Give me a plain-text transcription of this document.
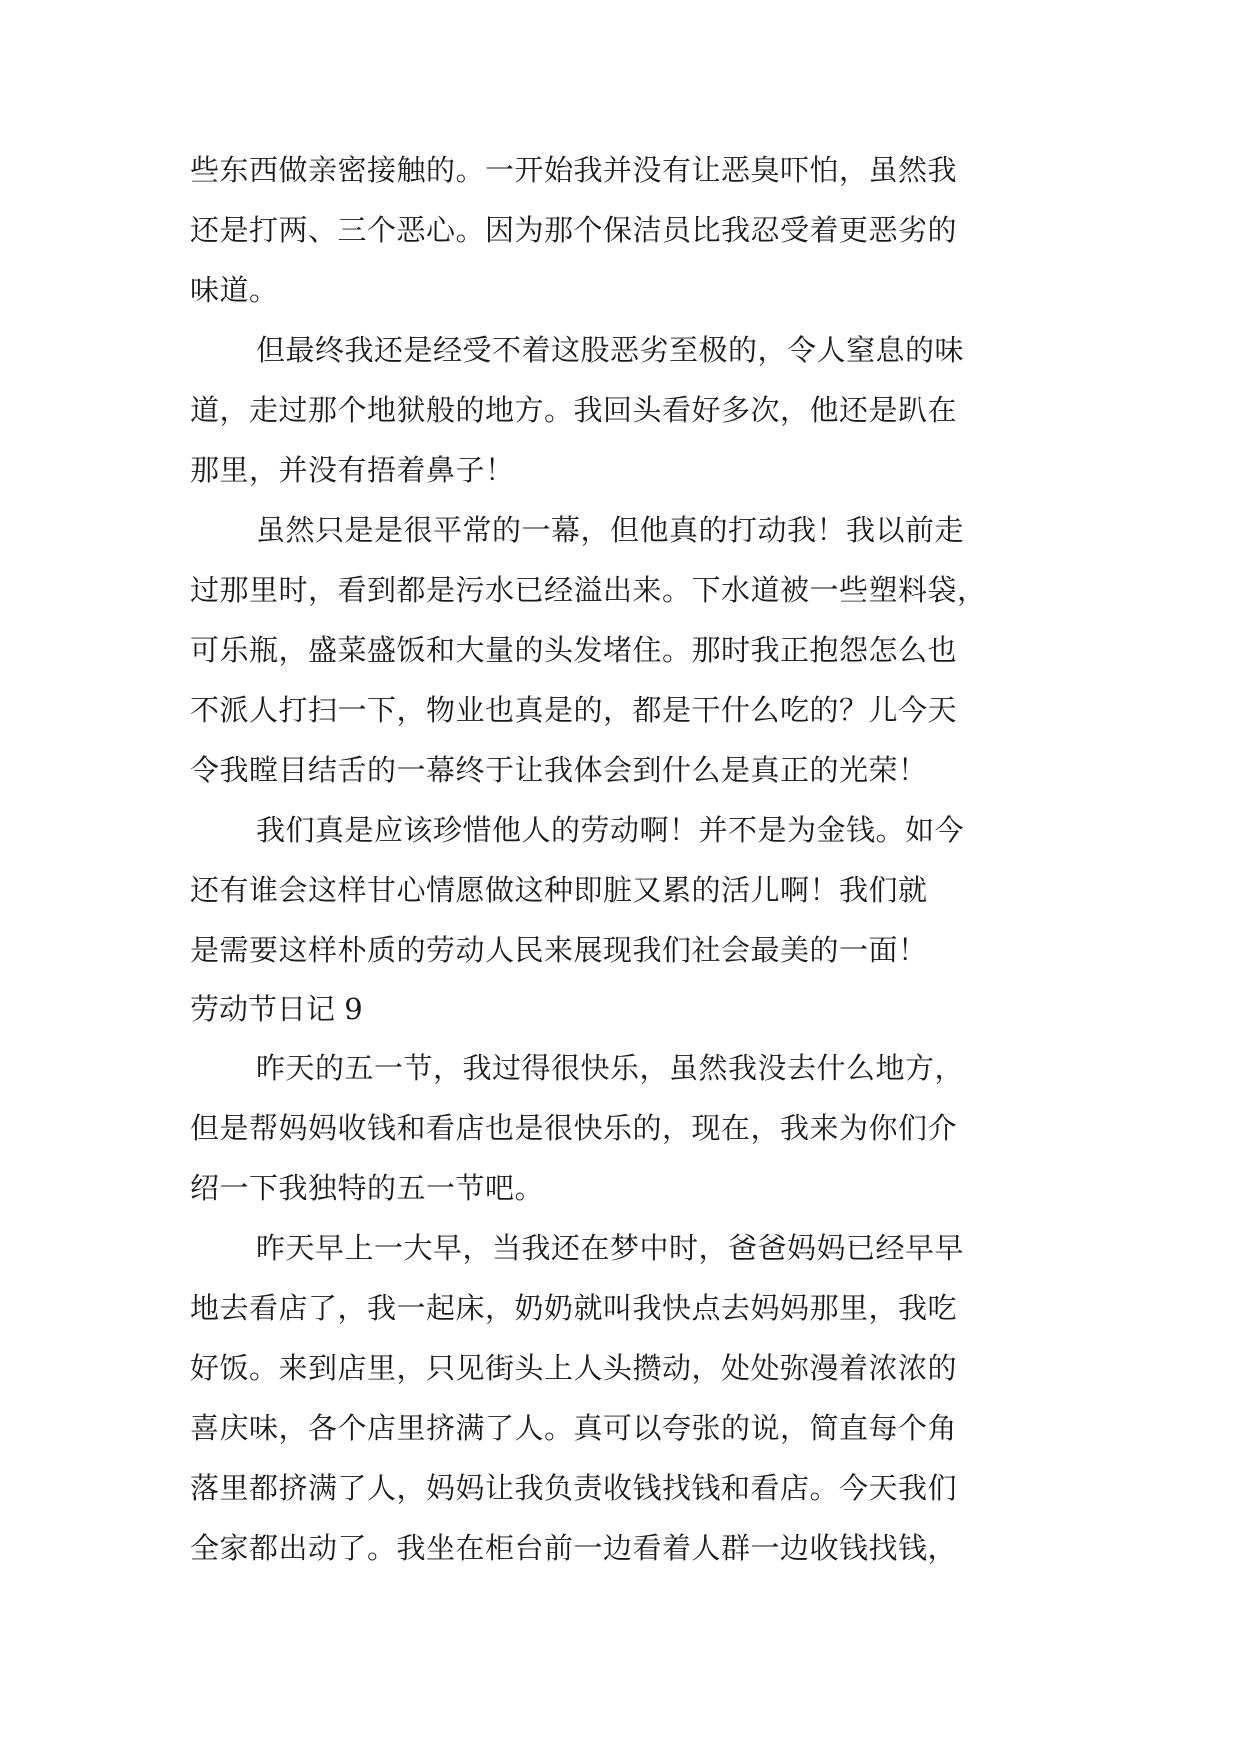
些东西做亲密接触的。一开始我并没有让恶臭吓怕，虽然我
还是打两、三个恶心。因为那个保洁员比我忍受着更恶劣的
味道。
但最终我还是经受不着这股恶劣至极的，令人窒息的味
道，走过那个地狱般的地方。我回头看好多次，他还是趴在
那里，并没有捂着鼻子！
虽然只是是很平常的一幕，但他真的打动我！我以前走
过那里时，看到都是污水已经溢出来。下水道被一些塑料袋，
可乐瓶，盛菜盛饭和大量的头发堵住。那时我正抱怨怎么也
不派人打扫一下，物业也真是的，都是干什么吃的？儿今天
令我瞠目结舌的一幕终于让我体会到什么是真正的光荣！
我们真是应该珍惜他人的劳动啊！并不是为金钱。如今
还有谁会这样甘心情愿做这种即脏又累的活儿啊！我们就
是需要这样朴质的劳动人民来展现我们社会最美的一面！
劳动节日记 9
昨天的五一节，我过得很快乐，虽然我没去什么地方，
但是帮妈妈收钱和看店也是很快乐的，现在，我来为你们介
绍一下我独特的五一节吧。
昨天早上一大早，当我还在梦中时，爸爸妈妈已经早早
地去看店了，我一起床，奶奶就叫我快点去妈妈那里，我吃
好饭。来到店里，只见街头上人头攒动，处处弥漫着浓浓的
喜庆味，各个店里挤满了人。真可以夸张的说，简直每个角
落里都挤满了人，妈妈让我负责收钱找钱和看店。今天我们
全家都出动了。我坐在柜台前一边看着人群一边收钱找钱，
